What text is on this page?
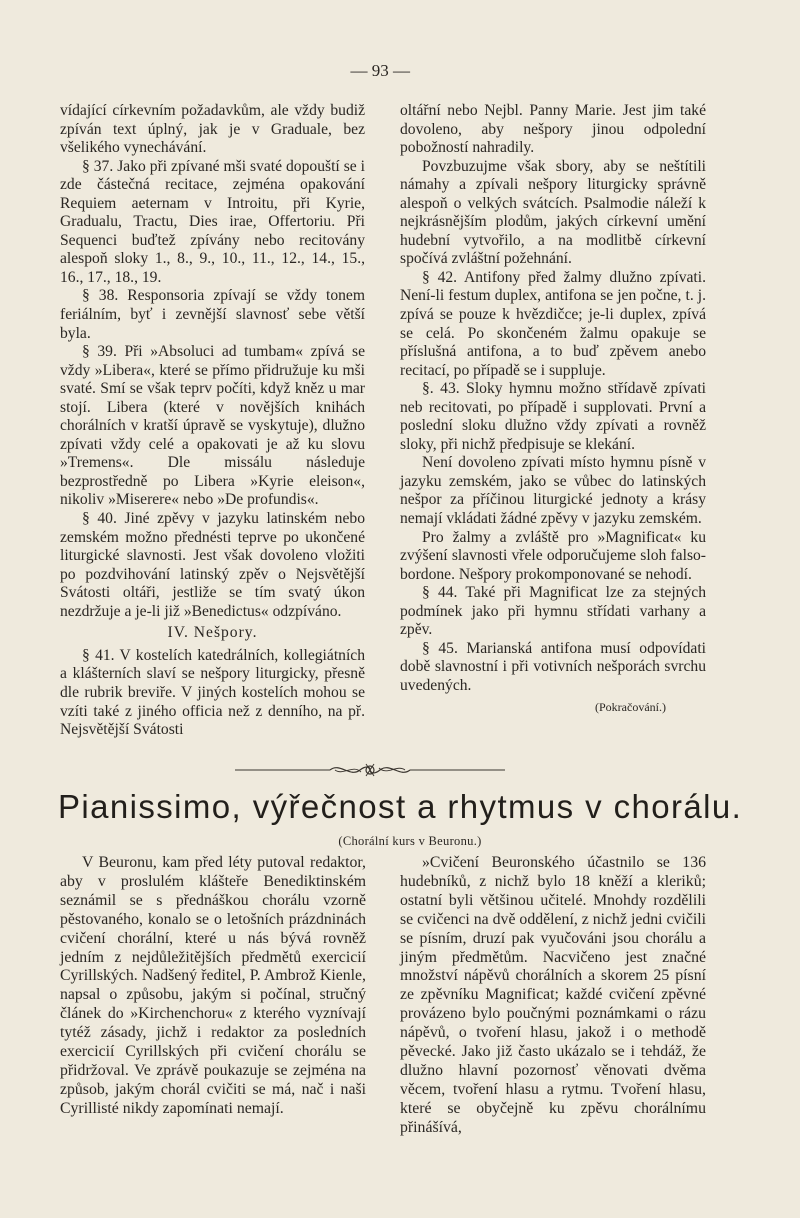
— 93 —

vídající církevním požadavkům, ale vždy budiž zpíván text úplný, jak je v Graduale, bez všelikého vynechávání.

§ 37. Jako při zpívané mši svaté dopouští se i zde částečná recitace, zejména opakování Requiem aeternam v Introitu, při Kyrie, Gradualu, Tractu, Dies irae, Offertoriu. Při Sequenci buďtež zpívány nebo recitovány alespoň sloky 1., 8., 9., 10., 11., 12., 14., 15., 16., 17., 18., 19.

§ 38. Responsoria zpívají se vždy tonem feriálním, byť i zevnější slavnosť sebe větší byla.

§ 39. Při »Absoluci ad tumbam« zpívá se vždy »Libera«, které se přímo přidružuje ku mši svaté. Smí se však teprv počíti, když kněz u mar stojí. Libera (které v novějších knihách chorálních v kratší úpravě se vyskytuje), dlužno zpívati vždy celé a opakovati je až ku slovu »Tremens«. Dle missálu následuje bezprostředně po Libera »Kyrie eleison«, nikoliv »Miserere« nebo »De profundis«.

§ 40. Jiné zpěvy v jazyku latinském nebo zemském možno přednésti teprve po ukončené liturgické slavnosti. Jest však dovoleno vložiti po pozdvihování latinský zpěv o Nejsvětější Svátosti oltáři, jestliže se tím svatý úkon nezdržuje a je-li již »Benedictus« odzpíváno.

IV. Nešpory.

§ 41. V kostelích katedrálních, kollegiátních a klášterních slaví se nešpory liturgicky, přesně dle rubrik breviře. V jiných kostelích mohou se vzíti také z jiného officia než z denního, na př. Nejsvětější Svátosti

oltářní nebo Nejbl. Panny Marie. Jest jim také dovoleno, aby nešpory jinou odpolední pobožností nahradily.

Povzbuzujme však sbory, aby se neštítili námahy a zpívali nešpory liturgicky správně alespoň o velkých svátcích. Psalmodie náleží k nejkrásnějším plodům, jakých církevní umění hudební vytvořilo, a na modlitbě církevní spočívá zvláštní požehnání.

§ 42. Antifony před žalmy dlužno zpívati. Není-li festum duplex, antifona se jen počne, t. j. zpívá se pouze k hvězdičce; je-li duplex, zpívá se celá. Po skončeném žalmu opakuje se příslušná antifona, a to buď zpěvem anebo recitací, po případě se i suppluje.

§. 43. Sloky hymnu možno střídavě zpívati neb recitovati, po případě i supplovati. První a poslední sloku dlužno vždy zpívati a rovněž sloky, při nichž předpisuje se klekání.

Není dovoleno zpívati místo hymnu písně v jazyku zemském, jako se vůbec do latinských nešpor za příčinou liturgické jednoty a krásy nemají vkládati žádné zpěvy v jazyku zemském.

Pro žalmy a zvláště pro »Magnificat« ku zvýšení slavnosti vřele odporučujeme sloh falso-bordone. Nešpory prokomponované se nehodí.

§ 44. Také při Magnificat lze za stejných podmínek jako při hymnu střídati varhany a zpěv.

§ 45. Marianská antifona musí odpovídati době slavnostní i při votivních nešporách svrchu uvedených.

(Pokračování.)

Pianissimo, výřečnost a rhytmus v chorálu.
(Chorální kurs v Beuronu.)

V Beuronu, kam před léty putoval redaktor, aby v proslulém klášteře Benediktinském seznámil se s přednáškou chorálu vzorně pěstovaného, konalo se o letošních prázdninách cvičení chorální, které u nás bývá rovněž jedním z nejdůležitějších předmětů exercicií Cyrillských. Nadšený ředitel, P. Ambrož Kienle, napsal o způsobu, jakým si počínal, stručný článek do »Kirchenchoru« z kterého vyznívají tytéž zásady, jichž i redaktor za posledních exercicií Cyrillských při cvičení chorálu se přidržoval. Ve zprávě poukazuje se zejména na způsob, jakým chorál cvičiti se má, nač i naši Cyrillisté nikdy zapomínati nemají.

»Cvičení Beuronského účastnilo se 136 hudebníků, z nichž bylo 18 kněží a kleriků; ostatní byli většinou učitelé. Mnohdy rozdělili se cvičenci na dvě oddělení, z nichž jedni cvičili se písním, druzí pak vyučováni jsou chorálu a jiným předmětům. Nacvičeno jest značné množství nápěvů chorálních a skorem 25 písní ze zpěvníku Magnificat; každé cvičení zpěvné provázeno bylo poučnými poznámkami o rázu nápěvů, o tvoření hlasu, jakož i o methodě pěvecké. Jako již často ukázalo se i tehdáž, že dlužno hlavní pozornosť věnovati dvěma věcem, tvoření hlasu a rytmu. Tvoření hlasu, které se obyčejně ku zpěvu chorálnímu přinášívá,
